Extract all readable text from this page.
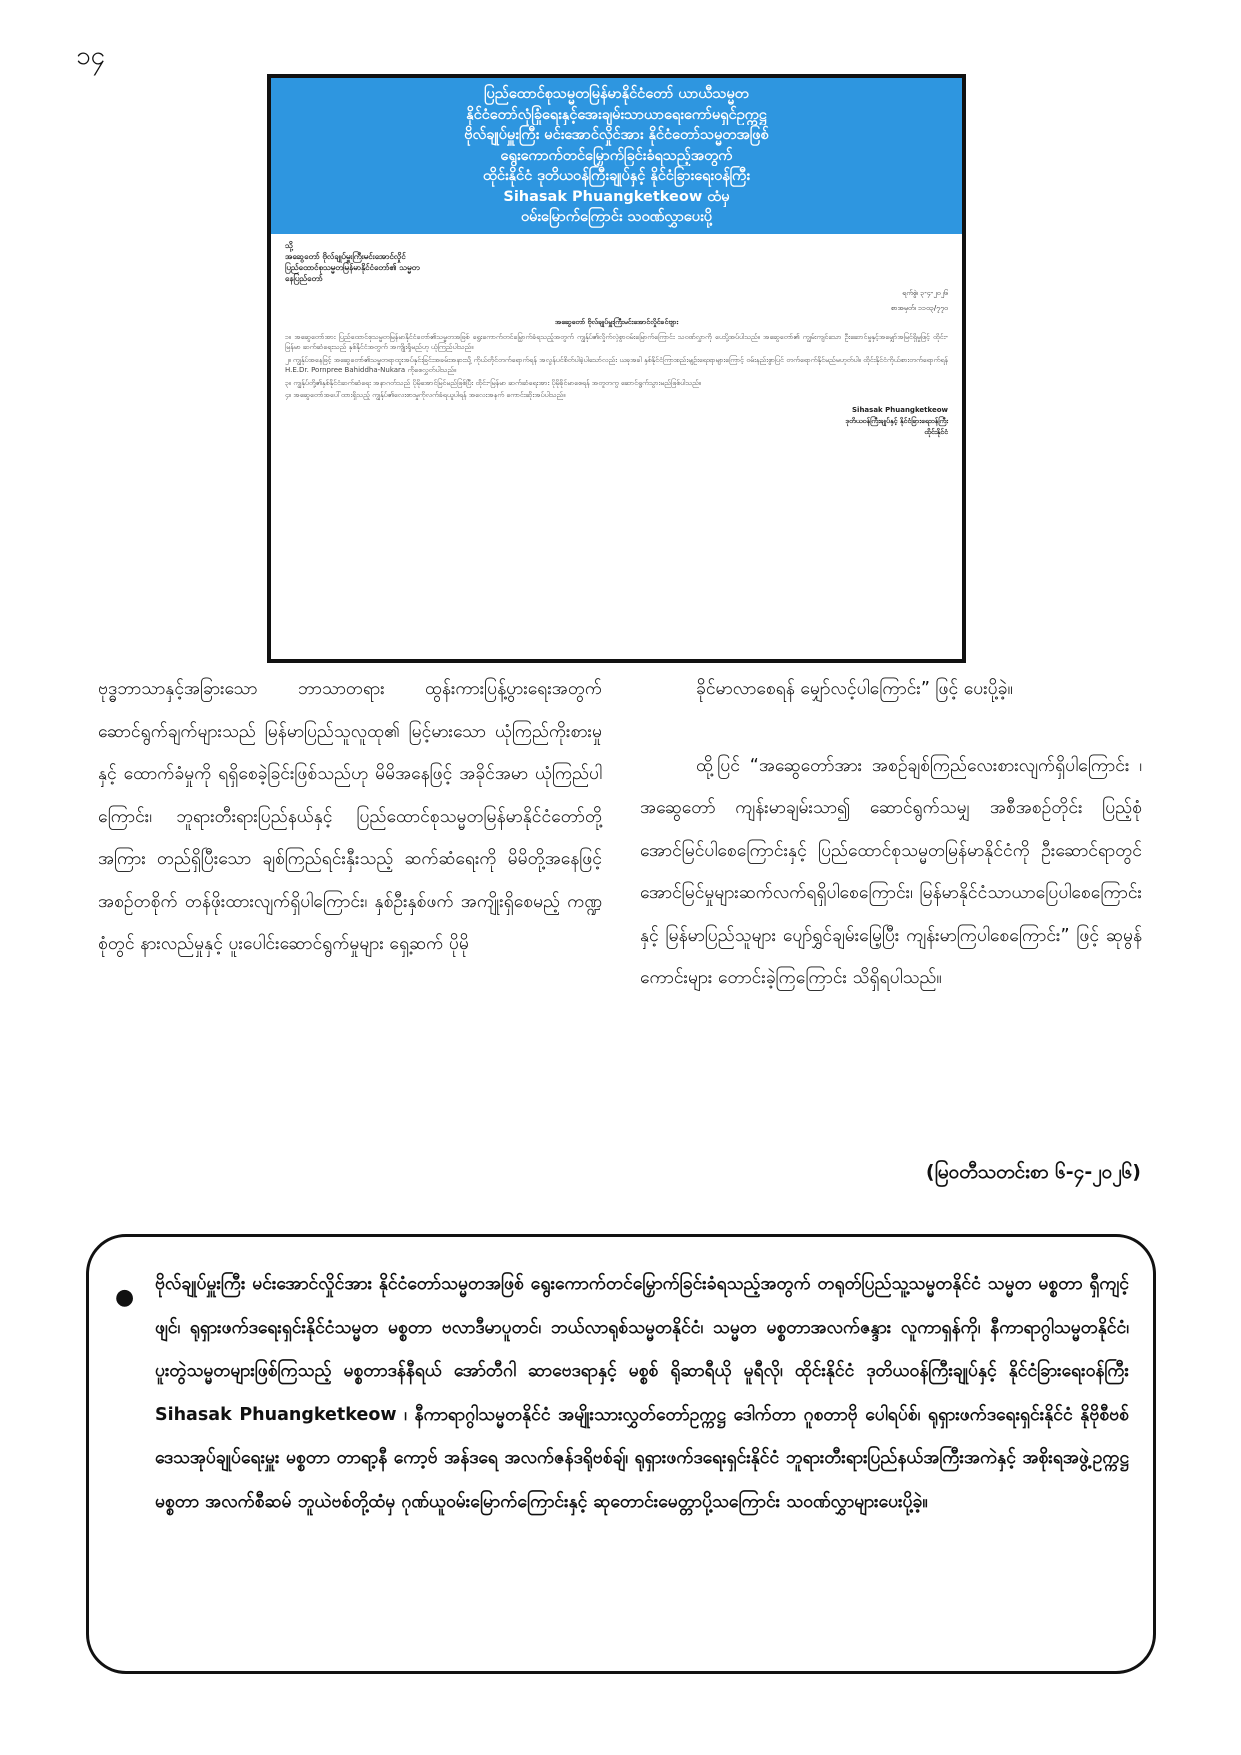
၁၄
ပြည်ထောင်စုသမ္မတမြန်မာနိုင်ငံတော် ယာယီသမ္မတ
နိုင်ငံတော်လုံခြုံရေးနှင့်အေးချမ်းသာယာရေးကော်မရှင်ဥက္ကဋ္ဌ
ဗိုလ်ချုပ်မှူးကြီး မင်းအောင်လှိုင်အား နိုင်ငံတော်သမ္မတအဖြစ်
ရွေးကောက်တင်မြှောက်ခြင်းခံရသည့်အတွက်
ထိုင်းနိုင်ငံ ဒုတိယဝန်ကြီးချုပ်နှင့် နိုင်ငံခြားရေးဝန်ကြီး
Sihasak Phuangketkeow ထံမှ
ဝမ်းမြောက်ကြောင်း သဝဏ်လွှာပေးပို့
သို့
အဆွေတော် ဗိုလ်ချုပ်မှူးကြီးမင်းအောင်လှိုင်
ပြည်ထောင်စုသမ္မတမြန်မာနိုင်ငံတော်၏ သမ္မတ
နေပြည်တော်
ရက်စွဲ၊ ၃-၄-၂၀၂၆
စာအမှတ်၊ ၁၁၀၃/၇၇၀
အဆွေတော် ဗိုလ်ချုပ်မှူးကြီးမင်းအောင်လှိုင်ခင်ဗျား
၁။ အဆွေတော်အား ပြည်ထောင်စုသမ္မတမြန်မာနိုင်ငံတော်၏သမ္မတအဖြစ် ရွေးကောက်တင်မြှောက်ခံရသည့်အတွက် ကျွန်ုပ်၏လှိုက်လှဲစွာဝမ်းမြောက်ကြောင်း သဝဏ်လွှာကို ပေးပို့အပ်ပါသည်။ အဆွေတော်၏ ကျွမ်းကျင်သော ဦးဆောင်မှုနှင့်အမျှော်အမြင်ရှိမှုဖြင့် ထိုင်း-မြန်မာ ဆက်ဆံရေးသည် နှစ်နိုင်ငံအတွက် အကျိုးရှိမည်ဟု ယုံကြည်ပါသည်။
၂။ ကျွန်ုပ်အနေဖြင့် အဆွေတော်၏သမ္မတရာထူးအပ်နှင်းခြင်းအခမ်းအနားသို့ ကိုယ်တိုင်တက်ရောက်ရန် အလွန်ပင်စိတ်ပါခဲ့ပါသော်လည်း ယခုအခါ နှစ်နိုင်ငံကြားစည်းမျဉ်းရေးရာများကြောင့် ဝမ်းနည်းစွာပြင် တက်ရောက်နိုင်မည်မဟုတ်ပါ။ ထိုင်းနိုင်ငံကိုယ်စားတက်ရောက်ရန် H.E.Dr. Pornpree Bahiddha-Nukara ကိုစေလွှတ်ပါသည်။
၃။ ကျွန်ုပ်တို့၏နှစ်နိုင်ငံဆက်ဆံရေး အနာဂတ်သည် ပိုမိုအောင်မြင်မည်ဖြစ်ပြီး ထိုင်း-မြန်မာ ဆက်ဆံရေးအား ပိုမိုခိုင်မာစေရန် အတူတကွ ဆောင်ရွက်သွားမည်ဖြစ်ပါသည်။
၄။ အဆွေတော်အပေါ်ထားရှိသည့် ကျွန်ုပ်၏လေးစားမှုကိုလက်ခံရယူပါရန် အလေးအနက် ကောင်းဆိုးအပ်ပါသည်။
Sihasak Phuangketkeow
ဒုတိယဝန်ကြီးချုပ်နှင့် နိုင်ငံခြားရေးဝန်ကြီး
ထိုင်းနိုင်ငံ

ဗုဒ္ဓဘာသာနှင့်အခြားသော ဘာသာတရား ထွန်းကားပြန့်ပွားရေးအတွက် ဆောင်ရွက်ချက်များသည် မြန်မာပြည်သူလူထု၏ မြင့်မားသော ယုံကြည်ကိုးစားမှုနှင့် ထောက်ခံမှုကို ရရှိစေခဲ့ခြင်းဖြစ်သည်ဟု မိမိအနေဖြင့် အခိုင်အမာ ယုံကြည်ပါကြောင်း၊ ဘူရားတီးရားပြည်နယ်နှင့် ပြည်ထောင်စုသမ္မတမြန်မာနိုင်ငံတော်တို့အကြား တည်ရှိပြီးသော ချစ်ကြည်ရင်းနှီးသည့် ဆက်ဆံရေးကို မိမိတို့အနေဖြင့် အစဉ်တစိုက် တန်ဖိုးထားလျက်ရှိပါကြောင်း၊ နှစ်ဦးနှစ်ဖက် အကျိုးရှိစေမည့် ကဏ္ဍစုံတွင် နားလည်မှုနှင့် ပူးပေါင်းဆောင်ရွက်မှုများ ရှေ့ဆက် ပိုမို

ခိုင်မာလာစေရန် မျှော်လင့်ပါကြောင်း” ဖြင့် ပေးပို့ခဲ့။

ထို့ပြင် “အဆွေတော်အား အစဉ်ချစ်ကြည်လေးစားလျက်ရှိပါကြောင်း ၊ အဆွေတော် ကျန်းမာချမ်းသာ၍ ဆောင်ရွက်သမျှ အစီအစဉ်တိုင်း ပြည့်စုံအောင်မြင်ပါစေကြောင်းနှင့် ပြည်ထောင်စုသမ္မတမြန်မာနိုင်ငံကို ဦးဆောင်ရာတွင် အောင်မြင်မှုများဆက်လက်ရရှိပါစေကြောင်း၊ မြန်မာနိုင်ငံသာယာပြေပါစေကြောင်းနှင့် မြန်မာပြည်သူများ ပျော်ရွှင်ချမ်းမြေ့ပြီး ကျန်းမာကြပါစေကြောင်း” ဖြင့် ဆုမွန်ကောင်းများ တောင်းခဲ့ကြကြောင်း သိရှိရပါသည်။

(မြဝတီသတင်းစာ ၆-၄-၂၀၂၆)
●
ဗိုလ်ချုပ်မှူးကြီး မင်းအောင်လှိုင်အား နိုင်ငံတော်သမ္မတအဖြစ် ရွေးကောက်တင်မြှောက်ခြင်းခံရသည့်အတွက် တရုတ်ပြည်သူ့သမ္မတနိုင်ငံ သမ္မတ မစ္စတာ ရှီကျင့်ဖျင်၊ ရုရှားဖက်ဒရေးရှင်းနိုင်ငံသမ္မတ မစ္စတာ ဗလာဒီမာပူတင်၊ ဘယ်လာရုစ်သမ္မတနိုင်ငံ၊ သမ္မတ မစ္စတာအလက်ဇန္ဒား လူကာရှန်ကို၊ နီကာရာဂွါသမ္မတနိုင်ငံ၊ ပူးတွဲသမ္မတများဖြစ်ကြသည့် မစ္စတာဒန်နီရယ် အော်တီဂါ ဆာဗေဒရာနှင့် မစ္စစ် ရိုဆာရီယို မူရီလို၊ ထိုင်းနိုင်ငံ ဒုတိယဝန်ကြီးချုပ်နှင့် နိုင်ငံခြားရေးဝန်ကြီး Sihasak Phuangketkeow ၊ နီကာရာဂွါသမ္မတနိုင်ငံ အမျိုးသားလွှတ်တော်ဥက္ကဋ္ဌ ဒေါက်တာ ဂူစတာဗို ပေါရပ်စ်၊ ရုရှားဖက်ဒရေးရှင်းနိုင်ငံ နိုဗိုစီဗစ်ဒေသအုပ်ချုပ်ရေးမှူး မစ္စတာ တာရာ့နီ ကော့ဗ် အန်ဒရေ အလက်ဇန်ဒရိုဗစ်ချ်၊ ရုရှားဖက်ဒရေးရှင်းနိုင်ငံ ဘူရားတီးရားပြည်နယ်အကြီးအကဲနှင့် အစိုးရအဖွဲ့ဥက္ကဋ္ဌ မစ္စတာ အလက်စီဆမ် ဘူယဲဗစ်တို့ထံမှ ဂုဏ်ယူဝမ်းမြောက်ကြောင်းနှင့် ဆုတောင်းမေတ္တာပို့သကြောင်း သဝဏ်လွှာများပေးပို့ခဲ့။
